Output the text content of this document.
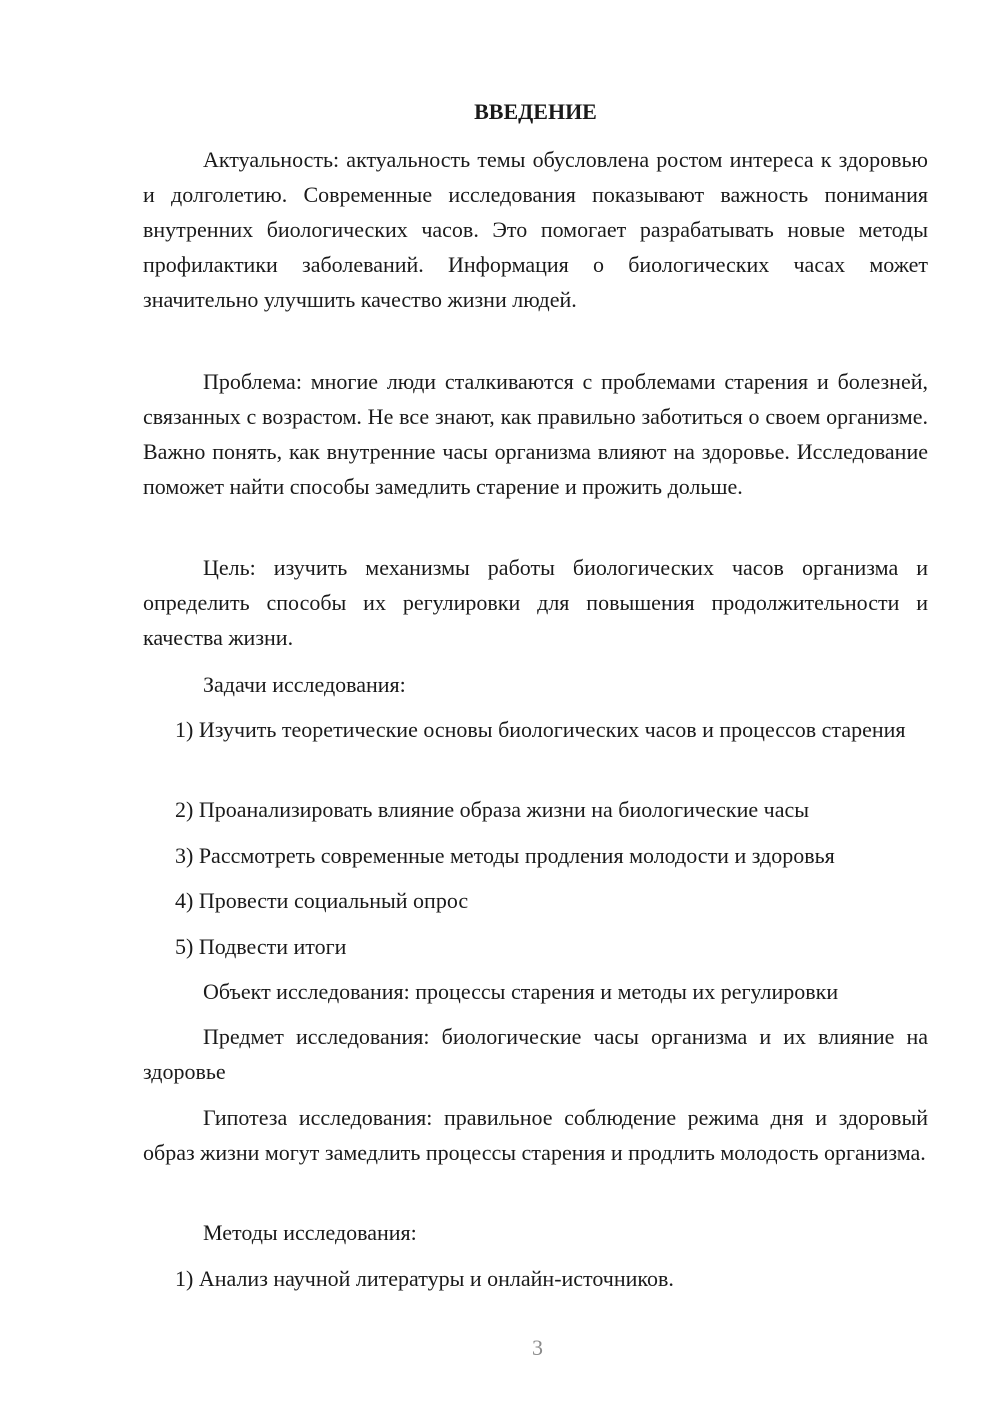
ВВЕДЕНИЕ

Актуальность: актуальность темы обусловлена ростом интереса к здоровью и долголетию. Современные исследования показывают важность понимания внутренних биологических часов. Это помогает разрабатывать новые методы профилактики заболеваний. Информация о биологических часах может значительно улучшить качество жизни людей.

Проблема: многие люди сталкиваются с проблемами старения и болезней, связанных с возрастом. Не все знают, как правильно заботиться о своем организме. Важно понять, как внутренние часы организма влияют на здоровье. Исследование поможет найти способы замедлить старение и прожить дольше.

Цель: изучить механизмы работы биологических часов организма и определить способы их регулировки для повышения продолжительности и качества жизни.

Задачи исследования:

1) Изучить теоретические основы биологических часов и процессов старения

2) Проанализировать влияние образа жизни на биологические часы

3) Рассмотреть современные методы продления молодости и здоровья

4) Провести социальный опрос

5) Подвести итоги

Объект исследования: процессы старения и методы их регулировки

Предмет исследования: биологические часы организма и их влияние на здоровье

Гипотеза исследования: правильное соблюдение режима дня и здоровый образ жизни могут замедлить процессы старения и продлить молодость организма.

Методы исследования:

1) Анализ научной литературы и онлайн-источников.

3
